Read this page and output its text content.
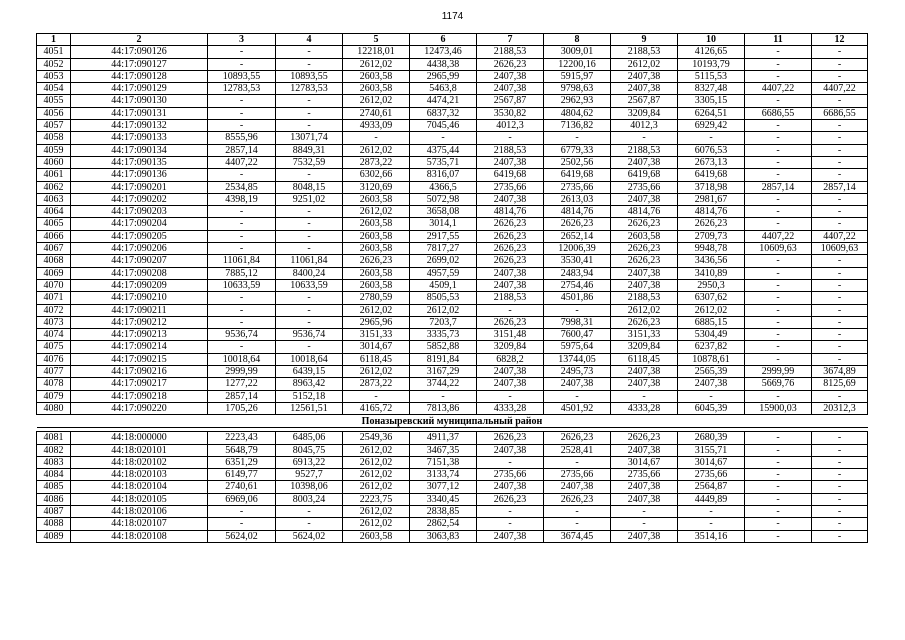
1174
1	2	3	4	5	6	7	8	9	10	11	12
4051	44:17:090126	-	-	12218,01	12473,46	2188,53	3009,01	2188,53	4126,65	-	-
4052	44:17:090127	-	-	2612,02	4438,38	2626,23	12200,16	2612,02	10193,79	-	-
4053	44:17:090128	10893,55	10893,55	2603,58	2965,99	2407,38	5915,97	2407,38	5115,53	-	-
4054	44:17:090129	12783,53	12783,53	2603,58	5463,8	2407,38	9798,63	2407,38	8327,48	4407,22	4407,22
4055	44:17:090130	-	-	2612,02	4474,21	2567,87	2962,93	2567,87	3305,15	-	-
4056	44:17:090131	-	-	2740,61	6837,32	3530,82	4804,62	3209,84	6264,51	6686,55	6686,55
4057	44:17:090132	-	-	4933,09	7045,46	4012,3	7136,82	4012,3	6929,42	-	-
4058	44:17:090133	8555,96	13071,74	-	-	-	-	-	-	-	-
4059	44:17:090134	2857,14	8849,31	2612,02	4375,44	2188,53	6779,33	2188,53	6076,53	-	-
4060	44:17:090135	4407,22	7532,59	2873,22	5735,71	2407,38	2502,56	2407,38	2673,13	-	-
4061	44:17:090136	-	-	6302,66	8316,07	6419,68	6419,68	6419,68	6419,68	-	-
4062	44:17:090201	2534,85	8048,15	3120,69	4366,5	2735,66	2735,66	2735,66	3718,98	2857,14	2857,14
4063	44:17:090202	4398,19	9251,02	2603,58	5072,98	2407,38	2613,03	2407,38	2981,67	-	-
4064	44:17:090203	-	-	2612,02	3658,08	4814,76	4814,76	4814,76	4814,76	-	-
4065	44:17:090204	-	-	2603,58	3014,1	2626,23	2626,23	2626,23	2626,23	-	-
4066	44:17:090205	-	-	2603,58	2917,55	2626,23	2652,14	2603,58	2709,73	4407,22	4407,22
4067	44:17:090206	-	-	2603,58	7817,27	2626,23	12006,39	2626,23	9948,78	10609,63	10609,63
4068	44:17:090207	11061,84	11061,84	2626,23	2699,02	2626,23	3530,41	2626,23	3436,56	-	-
4069	44:17:090208	7885,12	8400,24	2603,58	4957,59	2407,38	2483,94	2407,38	3410,89	-	-
4070	44:17:090209	10633,59	10633,59	2603,58	4509,1	2407,38	2754,46	2407,38	2950,3	-	-
4071	44:17:090210	-	-	2780,59	8505,53	2188,53	4501,86	2188,53	6307,62	-	-
4072	44:17:090211	-	-	2612,02	2612,02	-	-	2612,02	2612,02	-	-
4073	44:17:090212	-	-	2965,96	7203,7	2626,23	7998,31	2626,23	6885,15	-	-
4074	44:17:090213	9536,74	9536,74	3151,33	3335,73	3151,48	7600,47	3151,33	5304,49	-	-
4075	44:17:090214	-	-	3014,67	5852,88	3209,84	5975,64	3209,84	6237,82	-	-
4076	44:17:090215	10018,64	10018,64	6118,45	8191,84	6828,2	13744,05	6118,45	10878,61	-	-
4077	44:17:090216	2999,99	6439,15	2612,02	3167,29	2407,38	2495,73	2407,38	2565,39	2999,99	3674,89
4078	44:17:090217	1277,22	8963,42	2873,22	3744,22	2407,38	2407,38	2407,38	2407,38	5669,76	8125,69
4079	44:17:090218	2857,14	5152,18	-	-	-	-	-	-	-	-
4080	44:17:090220	1705,26	12561,51	4165,72	7813,86	4333,28	4501,92	4333,28	6045,39	15900,03	20312,3
Поназыревский муниципальный район											

4081	44:18:000000	2223,43	6485,06	2549,36	4911,37	2626,23	2626,23	2626,23	2680,39	-	-
4082	44:18:020101	5648,79	8045,75	2612,02	3467,35	2407,38	2528,41	2407,38	3155,71	-	-
4083	44:18:020102	6351,29	6913,22	2612,02	7151,38	-	-	3014,67	3014,67	-	-
4084	44:18:020103	6149,77	9527,7	2612,02	3133,74	2735,66	2735,66	2735,66	2735,66	-	-
4085	44:18:020104	2740,61	10398,06	2612,02	3077,12	2407,38	2407,38	2407,38	2564,87	-	-
4086	44:18:020105	6969,06	8003,24	2223,75	3340,45	2626,23	2626,23	2407,38	4449,89	-	-
4087	44:18:020106	-	-	2612,02	2838,85	-	-	-	-	-	-
4088	44:18:020107	-	-	2612,02	2862,54	-	-	-	-	-	-
4089	44:18:020108	5624,02	5624,02	2603,58	3063,83	2407,38	3674,45	2407,38	3514,16	-	-
